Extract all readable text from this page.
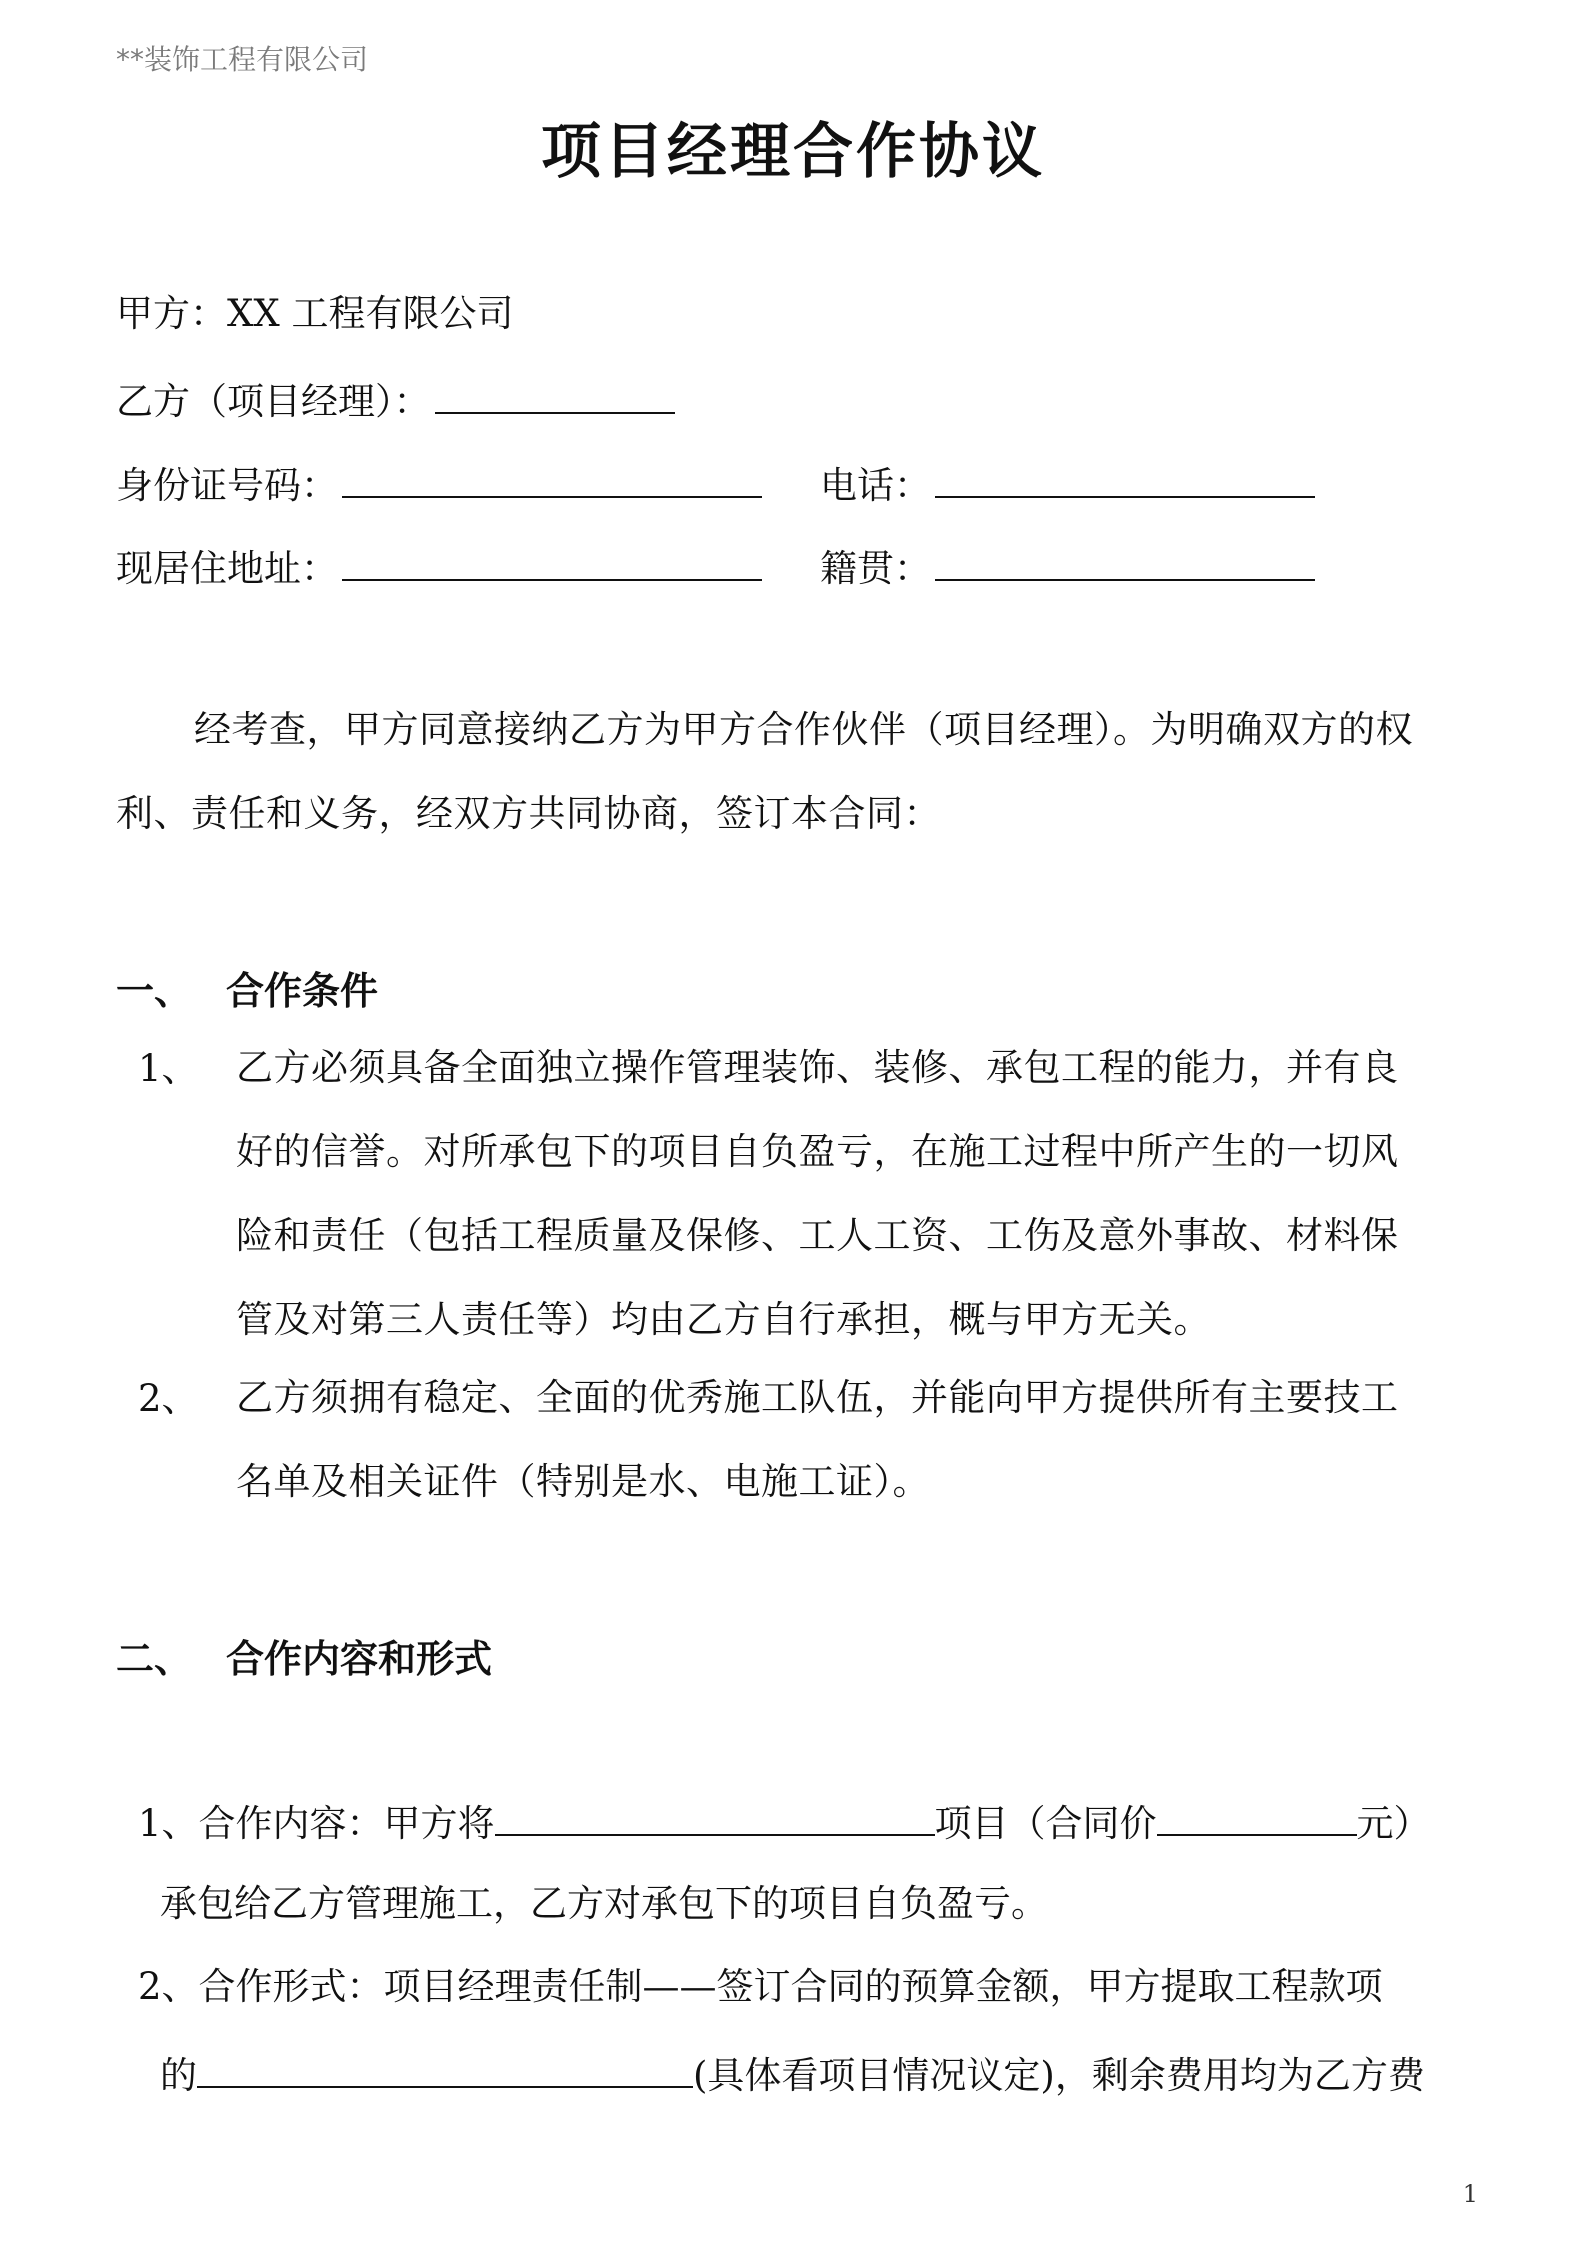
**装饰工程有限公司
项目经理合作协议
甲方：XX 工程有限公司
乙方（项目经理）：
身份证号码：	电话：
现居住地址：	籍贯：
经考查，甲方同意接纳乙方为甲方合作伙伴（项目经理）。为明确双方的权
利、责任和义务，经双方共同协商，签订本合同：
一、 合作条件
1、 乙方必须具备全面独立操作管理装饰、装修、承包工程的能力，并有良
好的信誉。对所承包下的项目自负盈亏，在施工过程中所产生的一切风
险和责任（包括工程质量及保修、工人工资、工伤及意外事故、材料保
管及对第三人责任等）均由乙方自行承担，概与甲方无关。
2、 乙方须拥有稳定、全面的优秀施工队伍，并能向甲方提供所有主要技工
名单及相关证件（特别是水、电施工证）。
二、 合作内容和形式
1、合作内容：甲方将	项目（合同价	元）
承包给乙方管理施工，乙方对承包下的项目自负盈亏。
2、合作形式：项目经理责任制——签订合同的预算金额，甲方提取工程款项
的	(具体看项目情况议定)，剩余费用均为乙方费
1
